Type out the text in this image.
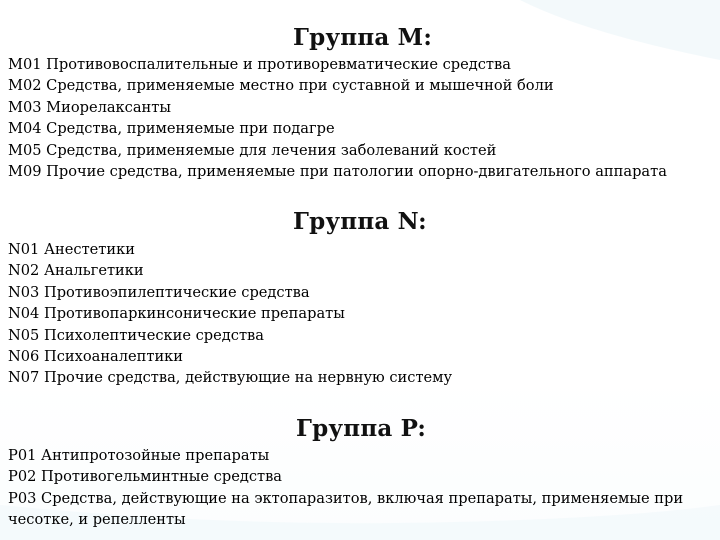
Группа M:
M01 Противовоспалительные и противоревматические средства
M02 Средства, применяемые местно при суставной и мышечной боли
M03 Миорелаксанты
M04 Средства, применяемые при подагре
M05 Средства, применяемые для лечения заболеваний костей
M09 Прочие средства, применяемые при патологии опорно-двигательного аппарата
Группа N:
N01 Анестетики
N02 Анальгетики
N03 Противоэпилептические средства
N04 Противопаркинсонические препараты
N05 Психолептические средства
N06 Психоаналептики
N07 Прочие средства, действующие на нервную систему
Группа P:
P01 Антипротозойные препараты
P02 Противогельминтные средства
P03 Средства, действующие на эктопаразитов, включая препараты, применяемые при чесотке, и репелленты
